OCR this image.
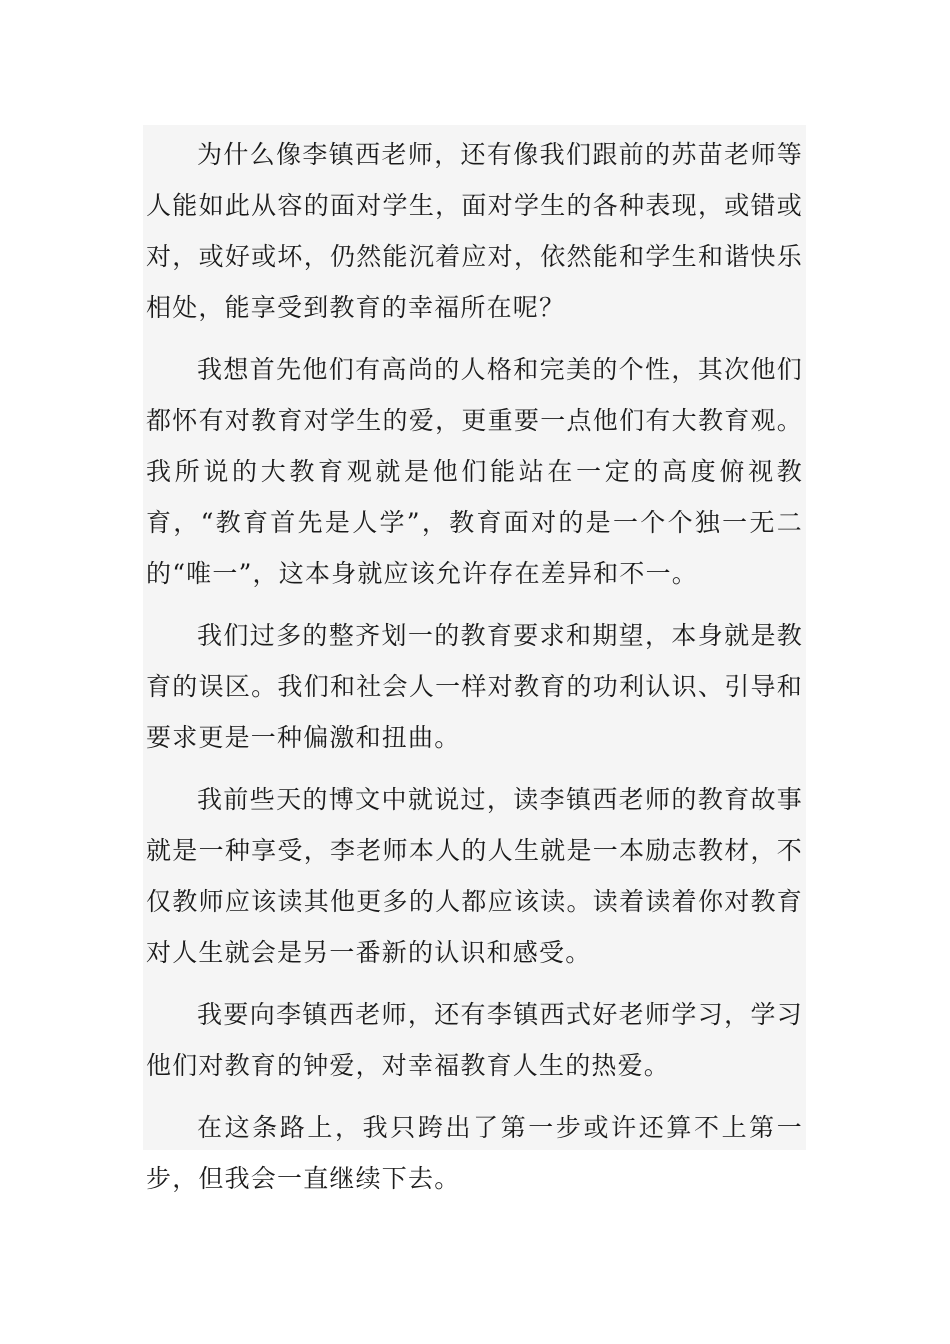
为什么像李镇西老师，还有像我们跟前的苏苗老师等人能如此从容的面对学生，面对学生的各种表现，或错或对，或好或坏，仍然能沉着应对，依然能和学生和谐快乐相处，能享受到教育的幸福所在呢？

我想首先他们有高尚的人格和完美的个性，其次他们都怀有对教育对学生的爱，更重要一点他们有大教育观。我所说的大教育观就是他们能站在一定的高度俯视教育，“教育首先是人学”，教育面对的是一个个独一无二的“唯一”，这本身就应该允许存在差异和不一。

我们过多的整齐划一的教育要求和期望，本身就是教育的误区。我们和社会人一样对教育的功利认识、引导和要求更是一种偏激和扭曲。

我前些天的博文中就说过，读李镇西老师的教育故事就是一种享受，李老师本人的人生就是一本励志教材，不仅教师应该读其他更多的人都应该读。读着读着你对教育对人生就会是另一番新的认识和感受。

我要向李镇西老师，还有李镇西式好老师学习，学习他们对教育的钟爱，对幸福教育人生的热爱。

在这条路上，我只跨出了第一步或许还算不上第一步，但我会一直继续下去。
